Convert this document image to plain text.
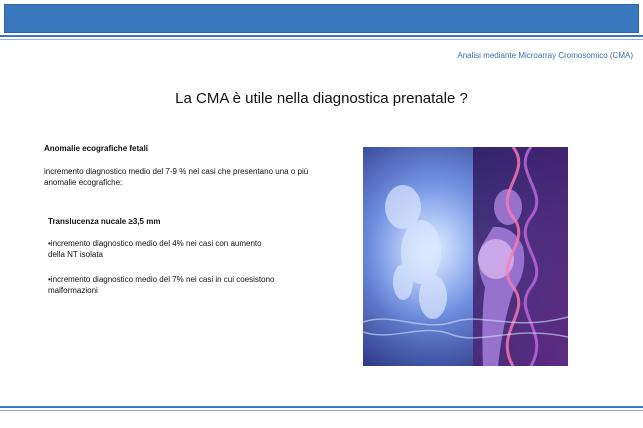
Analisi mediante Microarray Cromosomico (CMA)
La CMA è utile nella diagnostica prenatale ?
Anomalie ecografiche fetali
incremento diagnostico medio del 7-9 % nei casi che presentano una o più
anomalie ecografiche:
Translucenza nucale ≥3,5 mm
•incremento diagnostico medio del 4% nei casi con aumento
della NT isolata
•incremento diagnostico medio del 7% nei casi in cui coesistono
malformazioni
